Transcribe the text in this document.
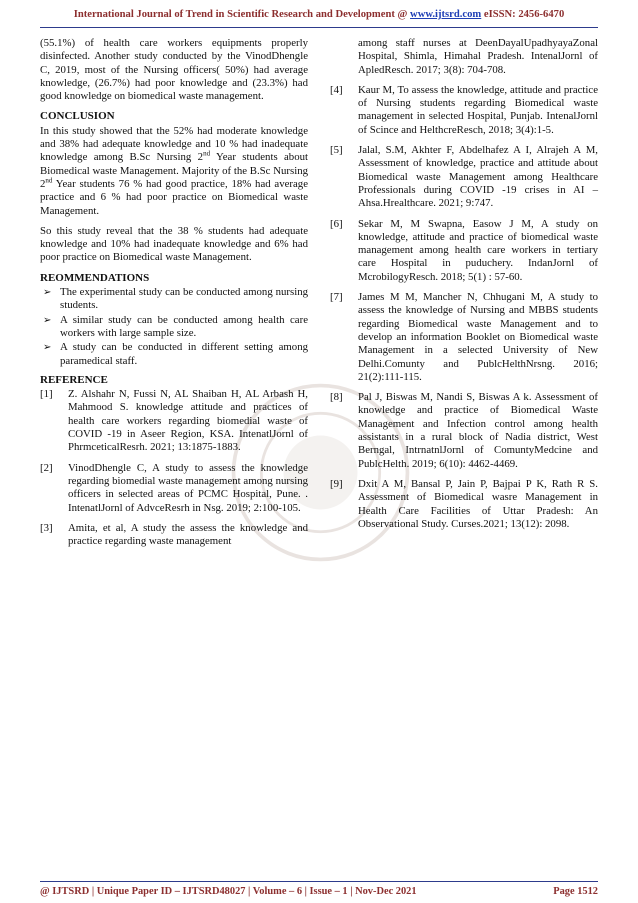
International Journal of Trend in Scientific Research and Development @ www.ijtsrd.com eISSN: 2456-6470

(55.1%) of health care workers equipments properly disinfected. Another study conducted by the VinodDhengle C, 2019, most of the Nursing officers( 50%) had average knowledge, (26.7%) had poor knowledge and (23.3%) had good knowledge on biomedical waste management.

CONCLUSION

In this study showed that the 52% had moderate knowledge and 38% had adequate knowledge and 10 % had inadequate knowledge among B.Sc Nursing 2nd Year students about Biomedical waste Management. Majority of the B.Sc Nursing 2nd Year students 76 % had good practice, 18% had average practice and 6 % had poor practice on Biomedical waste Management.

So this study reveal that the 38 % students had adequate knowledge and 10% had inadequate knowledge and 6% had poor practice on Biomedical waste Management.

REOMMENDATIONS
➢ The experimental study can be conducted among nursing students.
➢ A similar study can be conducted among health care workers with large sample size.
➢ A study can be conducted in different setting among paramedical staff.
REFERENCE
[1]	Z. Alshahr N, Fussi N, AL Shaiban H, AL Arbash H, Mahmood S. knowledge attitude and practices of health care workers regarding biomedial waste of COVID -19 in Aseer Region, KSA. IntenatlJornl of PhrmceticalResrh. 2021; 13:1875-1883.
[2]	VinodDhengle C, A study to assess the knowledge regarding biomedial waste management among nursing officers in selected areas of PCMC Hospital, Pune. . IntenatlJornl of AdvceResrh in Nsg. 2019; 2:100-105.
[3]	Amita, et al, A study the assess the knowledge and practice regarding waste management
among staff nurses at DeenDayalUpadhyayaZonal Hospital, Shimla, Himahal Pradesh. IntenalJornl of ApledResch. 2017; 3(8): 704-708.
[4]	Kaur M, To assess the knowledge, attitude and practice of Nursing students regarding Biomedical waste management in selected Hospital, Punjab. IntenalJornl of Scince and HelthcreResch, 2018; 3(4):1-5.
[5]	Jalal, S.M, Akhter F, Abdelhafez A I, Alrajeh A M, Assessment of knowledge, practice and attitude about Biomedical waste Management among Healthcare Professionals during COVID -19 crises in AI – Ahsa.Hrealthcare. 2021; 9:747.
[6]	Sekar M, M Swapna, Easow J M, A study on knowledge, attitude and practice of biomedical waste management among health care workers in tertiary care Hospital in puduchery. IndanJornl of McrobilogyResch. 2018; 5(1) : 57-60.
[7]	James M M, Mancher N, Chhugani M, A study to assess the knowledge of Nursing and MBBS students regarding Biomedical waste Management and to develop an information Booklet on Biomedical waste Management in a selected University of New Delhi.Comunty and PublcHelthNrsng. 2016; 21(2):111-115.
[8]	Pal J, Biswas M, Nandi S, Biswas A k. Assessment of knowledge and practice of Biomedical Waste Management and Infection control among health assistants in a rural block of Nadia district, West Berngal, IntrnatnlJornl of ComuntyMedcine and PublcHelth. 2019; 6(10): 4462-4469.
[9]	Dxit A M, Bansal P, Jain P, Bajpai P K, Rath R S. Assessment of Biomedical wasre Management in Health Care Facilities of Uttar Pradesh: An Observational Study. Curses.2021; 13(12): 2098.
@ IJTSRD | Unique Paper ID – IJTSRD48027 | Volume – 6 | Issue – 1 | Nov-Dec 2021	Page 1512
